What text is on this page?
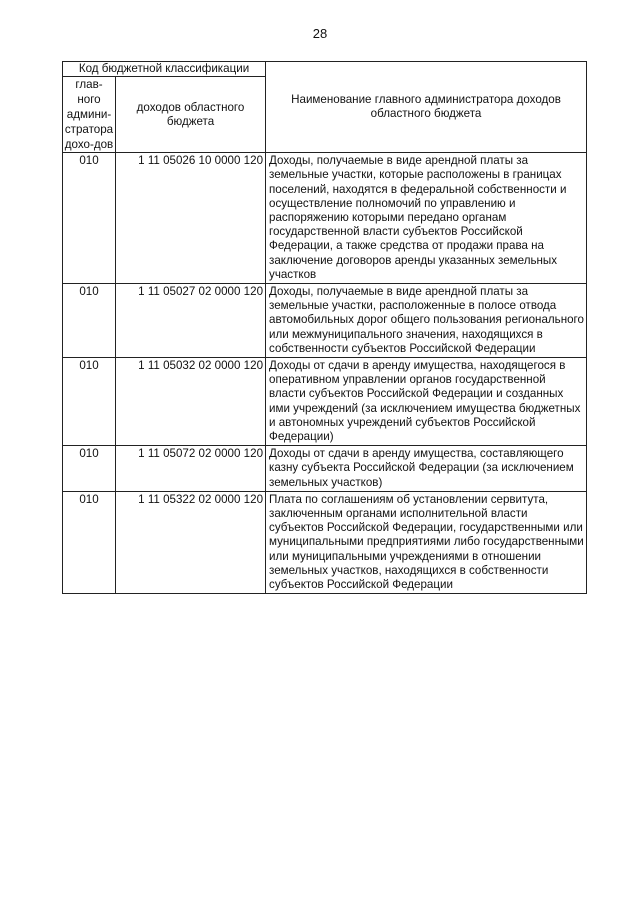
28
Код бюджетной классификации		Наименование главного администратора доходов областного бюджета
глав-ного админи-стратора дохо-дов	доходов областного бюджета	
010	1 11 05026 10 0000 120	Доходы, получаемые в виде арендной платы за земельные участки, которые расположены в границах поселений, находятся в федеральной собственности и осуществление полномочий по управлению и распоряжению которыми передано органам государственной власти субъектов Российской Федерации, а также средства от продажи права на заключение договоров аренды указанных земельных участков
010	1 11 05027 02 0000 120	Доходы, получаемые в виде арендной платы за земельные участки, расположенные в полосе отвода автомобильных дорог общего пользования регионального или межмуниципального значения, находящихся в собственности субъектов Российской Федерации
010	1 11 05032 02 0000 120	Доходы от сдачи в аренду имущества, находящегося в оперативном управлении органов государственной власти субъектов Российской Федерации и созданных ими учреждений (за исключением имущества бюджетных и автономных учреждений субъектов Российской Федерации)
010	1 11 05072 02 0000 120	Доходы от сдачи в аренду имущества, составляющего казну субъекта Российской Федерации (за исключением земельных участков)
010	1 11 05322 02 0000 120	Плата по соглашениям об установлении сервитута, заключенным органами исполнительной власти субъектов Российской Федерации, государственными или муниципальными предприятиями либо государственными или муниципальными учреждениями в отношении земельных участков, находящихся в собственности субъектов Российской Федерации
